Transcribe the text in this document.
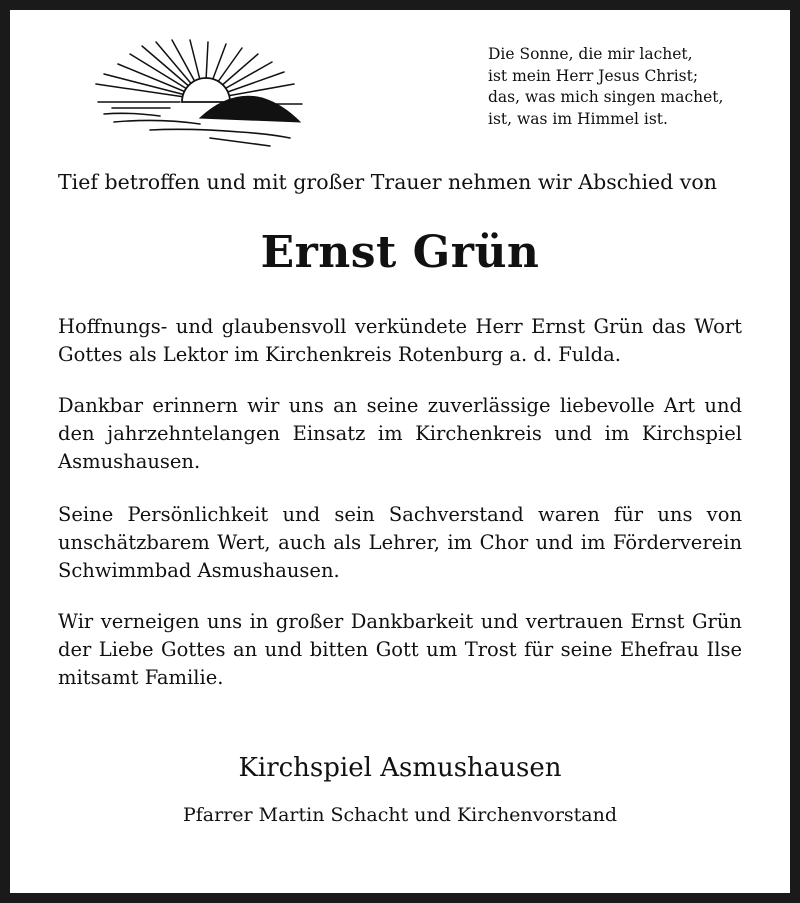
Die Sonne, die mir lachet,
ist mein Herr Jesus Christ;
das, was mich singen machet,
ist, was im Himmel ist.
Tief betroffen und mit großer Trauer nehmen wir Abschied von
Ernst Grün
Hoffnungs- und glaubensvoll verkündete Herr Ernst Grün das Wort Gottes als Lektor im Kirchenkreis Rotenburg a. d. Fulda.
Dankbar erinnern wir uns an seine zuverlässige liebevolle Art und den jahrzehntelangen Einsatz im Kirchenkreis und im Kirchspiel Asmushausen.
Seine Persönlichkeit und sein Sachverstand waren für uns von unschätzbarem Wert, auch als Lehrer, im Chor und im Förderverein Schwimmbad Asmushausen.
Wir verneigen uns in großer Dankbarkeit und vertrauen Ernst Grün der Liebe Gottes an und bitten Gott um Trost für seine Ehefrau Ilse mitsamt Familie.
Kirchspiel Asmushausen
Pfarrer Martin Schacht und Kirchenvorstand
